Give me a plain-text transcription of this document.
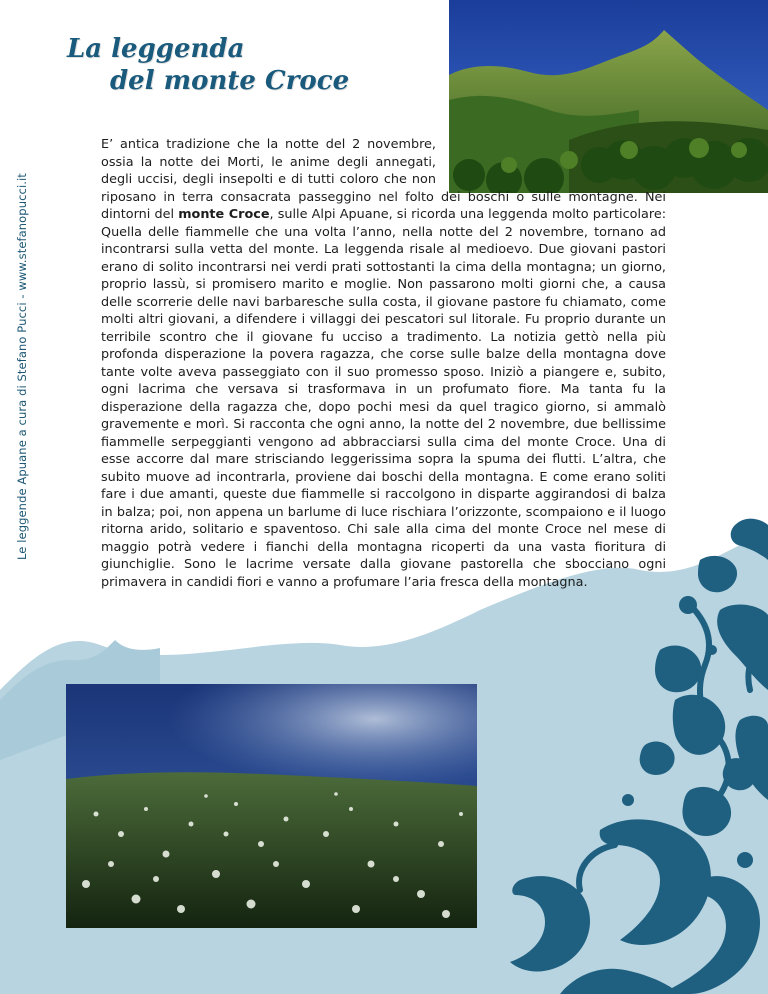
Le leggende Apuane a cura di Stefano Pucci - www.stefanopucci.it
La leggenda
del monte Croce

E’ antica tradizione che la notte del 2 novembre, ossia la notte dei Morti, le anime degli annegati, degli uccisi, degli insepolti e di tutti coloro che non riposano in terra consacrata passeggino nel folto dei boschi o sulle montagne. Nei dintorni del monte Croce, sulle Alpi Apuane, si ricorda una leggenda molto particolare: Quella delle fiammelle che una volta l’anno, nella notte del 2 novembre, tornano ad incontrarsi sulla vetta del monte. La leggenda risale al medioevo. Due giovani pastori erano di solito incontrarsi nei verdi prati sottostanti la cima della montagna; un giorno, proprio lassù, si promisero marito e moglie. Non passarono molti giorni che, a causa delle scorrerie delle navi barbaresche sulla costa, il giovane pastore fu chiamato, come molti altri giovani, a difendere i villaggi dei pescatori sul litorale. Fu proprio durante un terribile scontro che il giovane fu ucciso a tradimento. La notizia gettò nella più profonda disperazione la povera ragazza, che corse sulle balze della montagna dove tante volte aveva passeggiato con il suo promesso sposo. Iniziò a piangere e, subito, ogni lacrima che versava si trasformava in un profumato fiore. Ma tanta fu la disperazione della ragazza che, dopo pochi mesi da quel tragico giorno, si ammalò gravemente e morì. Si racconta che ogni anno, la notte del 2 novembre, due bellissime fiammelle serpeggianti vengono ad abbracciarsi sulla cima del monte Croce. Una di esse accorre dal mare strisciando leggerissima sopra la spuma dei flutti. L’altra, che subito muove ad incontrarla, proviene dai boschi della montagna. E come erano soliti fare i due amanti, queste due fiammelle si raccolgono in disparte aggirandosi di balza in balza; poi, non appena un barlume di luce rischiara l’orizzonte, scompaiono e il luogo ritorna arido, solitario e spaventoso. Chi sale alla cima del monte Croce nel mese di maggio potrà vedere i fianchi della montagna ricoperti da una vasta fioritura di giunchiglie. Sono le lacrime versate dalla giovane pastorella che sbocciano ogni primavera in candidi fiori e vanno a profumare l’aria fresca della montagna.
